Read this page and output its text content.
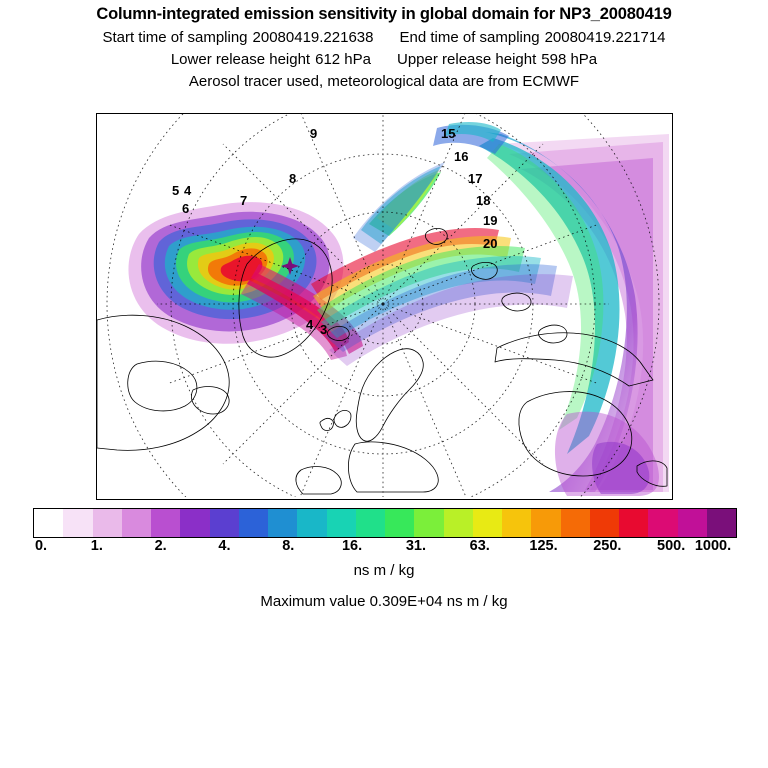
Column-integrated emission sensitivity in global domain for NP3_20080419
Start time of sampling 20080419.221638 End time of sampling 20080419.221714
Lower release height 612 hPa Upper release height 598 hPa
Aerosol tracer used, meteorological data are from ECMWF
3
4
5 4
6
7
8
9	15
16
17
18
19
20
0.	1.	2.	4.	8.	16.	31.	63.	125. 250. 500. 1000.
ns m / kg
Maximum value 0.309E+04 ns m / kg
